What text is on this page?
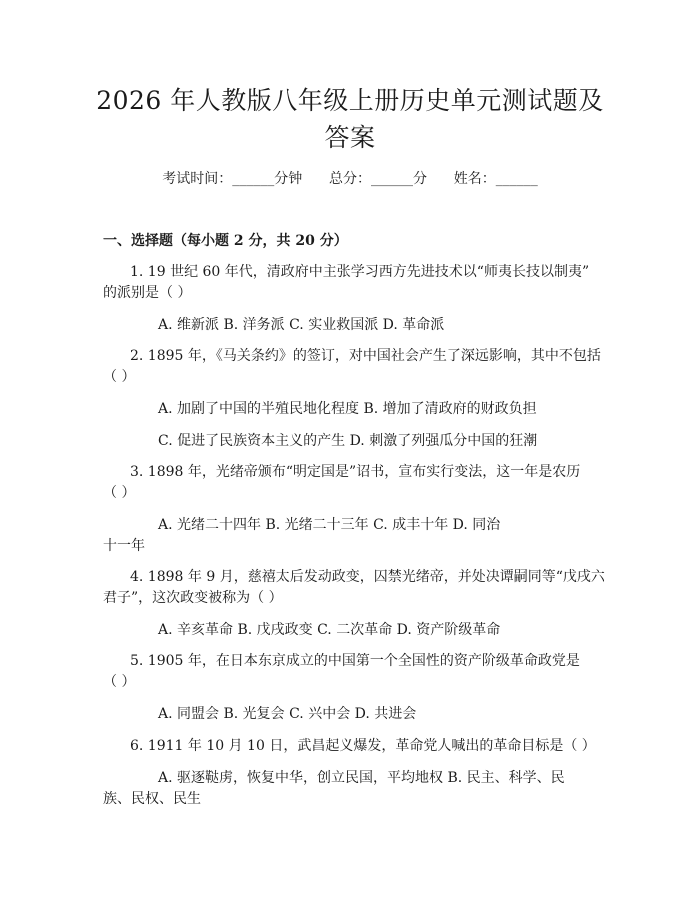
2026 年人教版八年级上册历史单元测试题及
答案
考试时间：______分钟      总分：______分      姓名：______
一、选择题（每小题 2 分，共 20 分）
1. 19 世纪 60 年代，清政府中主张学习西方先进技术以“师夷长技以制夷”
的派别是（ ）
A. 维新派 B. 洋务派 C. 实业救国派 D. 革命派
2. 1895 年，《马关条约》的签订，对中国社会产生了深远影响，其中不包括
（ ）
A. 加剧了中国的半殖民地化程度 B. 增加了清政府的财政负担
C. 促进了民族资本主义的产生 D. 刺激了列强瓜分中国的狂潮
3. 1898 年，光绪帝颁布“明定国是”诏书，宣布实行变法，这一年是农历
（ ）
A. 光绪二十四年 B. 光绪二十三年 C. 成丰十年 D. 同治
十一年
4. 1898 年 9 月，慈禧太后发动政变，囚禁光绪帝，并处决谭嗣同等“戊戌六
君子”，这次政变被称为（ ）
A. 辛亥革命 B. 戊戌政变 C. 二次革命 D. 资产阶级革命
5. 1905 年，在日本东京成立的中国第一个全国性的资产阶级革命政党是
（ ）
A. 同盟会 B. 光复会 C. 兴中会 D. 共进会
6. 1911 年 10 月 10 日，武昌起义爆发，革命党人喊出的革命目标是（ ）
A. 驱逐鞑虏，恢复中华，创立民国，平均地权 B. 民主、科学、民
族、民权、民生
